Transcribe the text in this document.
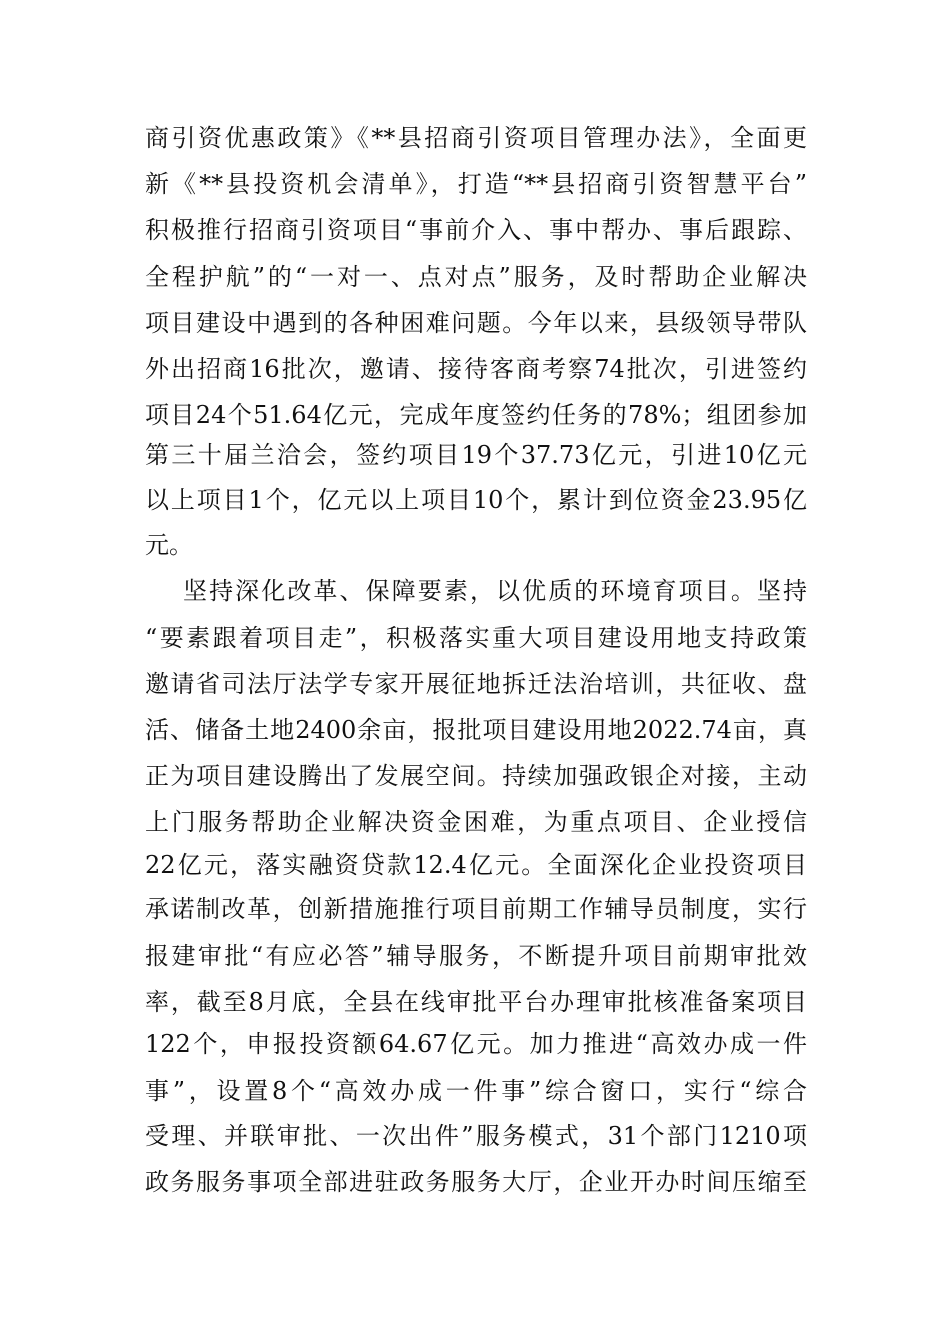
商引资优惠政策》《**县招商引资项目管理办法》，全面更
新《**县投资机会清单》，打造“**县招商引资智慧平台”
积极推行招商引资项目“事前介入、事中帮办、事后跟踪、
全程护航”的“一对一、点对点”服务，及时帮助企业解决
项目建设中遇到的各种困难问题。今年以来，县级领导带队
外出招商16批次，邀请、接待客商考察74批次，引进签约
项目24个51.64亿元，完成年度签约任务的78%；组团参加
第三十届兰洽会，签约项目19个37.73亿元，引进10亿元
以上项目1个，亿元以上项目10个，累计到位资金23.95亿
元。
坚持深化改革、保障要素，以优质的环境育项目。坚持
“要素跟着项目走”，积极落实重大项目建设用地支持政策
邀请省司法厅法学专家开展征地拆迁法治培训，共征收、盘
活、储备土地2400余亩，报批项目建设用地2022.74亩，真
正为项目建设腾出了发展空间。持续加强政银企对接，主动
上门服务帮助企业解决资金困难，为重点项目、企业授信
22亿元，落实融资贷款12.4亿元。全面深化企业投资项目
承诺制改革，创新措施推行项目前期工作辅导员制度，实行
报建审批“有应必答”辅导服务，不断提升项目前期审批效
率，截至8月底，全县在线审批平台办理审批核准备案项目
122个，申报投资额64.67亿元。加力推进“高效办成一件
事”，设置8个“高效办成一件事”综合窗口，实行“综合
受理、并联审批、一次出件”服务模式，31个部门1210项
政务服务事项全部进驻政务服务大厅，企业开办时间压缩至
